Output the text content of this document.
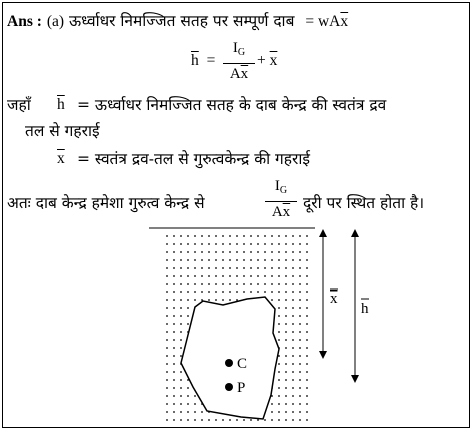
Ans : (a) ऊर्ध्वाधर निमज्जित सतह पर सम्पूर्ण दाब = $wA\overline{x}$
$\overline{h}$ =
$I_G$
$A\overline{x}$
+ $\overline{x}$
जहाँ $\overline{h}$ = ऊर्ध्वाधर निमज्जित सतह के दाब केन्द्र की स्वतंत्र द्रव
तल से गहराई
$\overline{x}$ = स्वतंत्र द्रव-तल से गुरुत्वकेन्द्र की गहराई
अतः दाब केन्द्र हमेशा गुरुत्व केन्द्र से
$I_G$
$A\overline{x}$ दूरी पर स्थित होता है।
C
P
x
h
